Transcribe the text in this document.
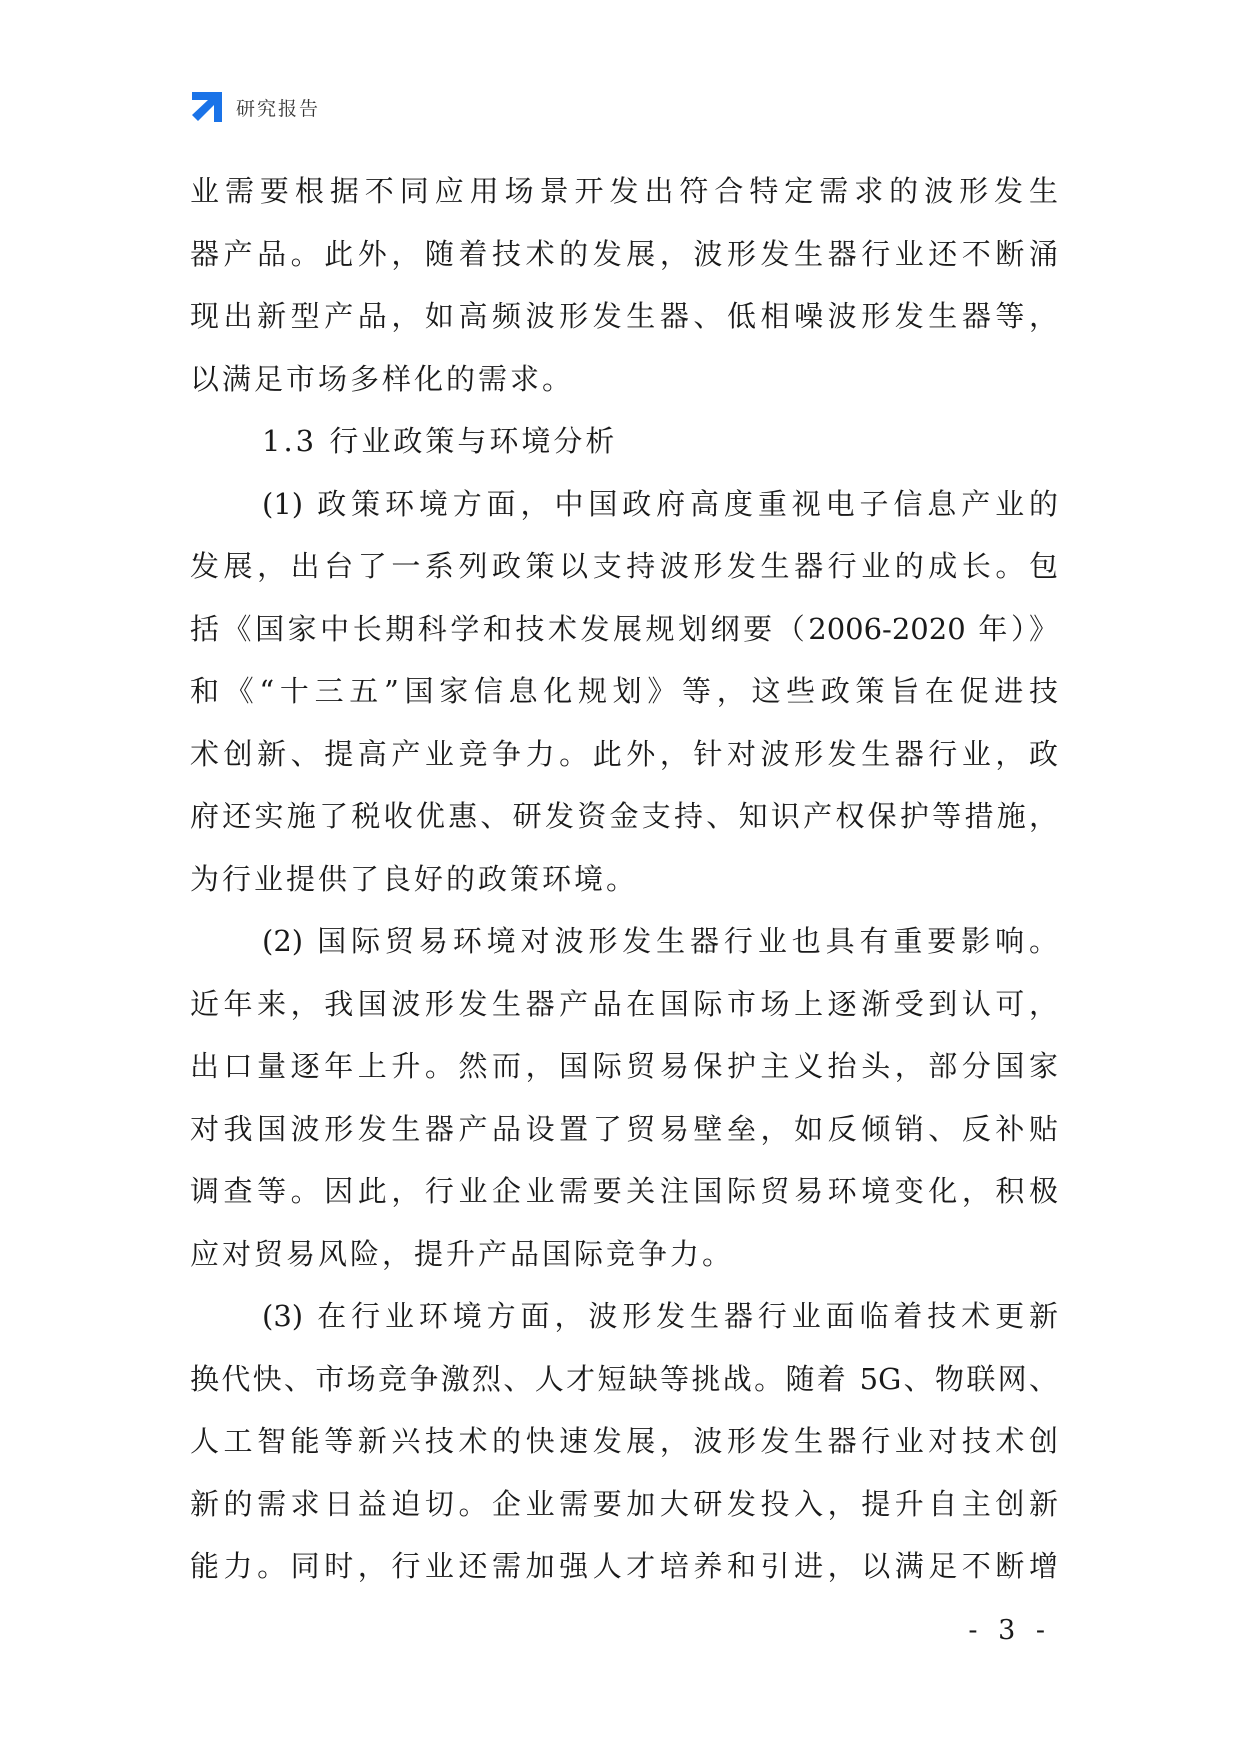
研究报告
业需要根据不同应用场景开发出符合特定需求的波形发生
器产品。此外，随着技术的发展，波形发生器行业还不断涌
现出新型产品，如高频波形发生器、低相噪波形发生器等，
以满足市场多样化的需求。
1.3 行业政策与环境分析
(1) 政策环境方面，中国政府高度重视电子信息产业的
发展，出台了一系列政策以支持波形发生器行业的成长。包
括《国家中长期科学和技术发展规划纲要（2006-2020 年）》
和《“十三五”国家信息化规划》等，这些政策旨在促进技
术创新、提高产业竞争力。此外，针对波形发生器行业，政
府还实施了税收优惠、研发资金支持、知识产权保护等措施，
为行业提供了良好的政策环境。
(2) 国际贸易环境对波形发生器行业也具有重要影响。
近年来，我国波形发生器产品在国际市场上逐渐受到认可，
出口量逐年上升。然而，国际贸易保护主义抬头，部分国家
对我国波形发生器产品设置了贸易壁垒，如反倾销、反补贴
调查等。因此，行业企业需要关注国际贸易环境变化，积极
应对贸易风险，提升产品国际竞争力。
(3) 在行业环境方面，波形发生器行业面临着技术更新
换代快、市场竞争激烈、人才短缺等挑战。随着 5G、物联网、
人工智能等新兴技术的快速发展，波形发生器行业对技术创
新的需求日益迫切。企业需要加大研发投入，提升自主创新
能力。同时，行业还需加强人才培养和引进，以满足不断增
- 3 -
